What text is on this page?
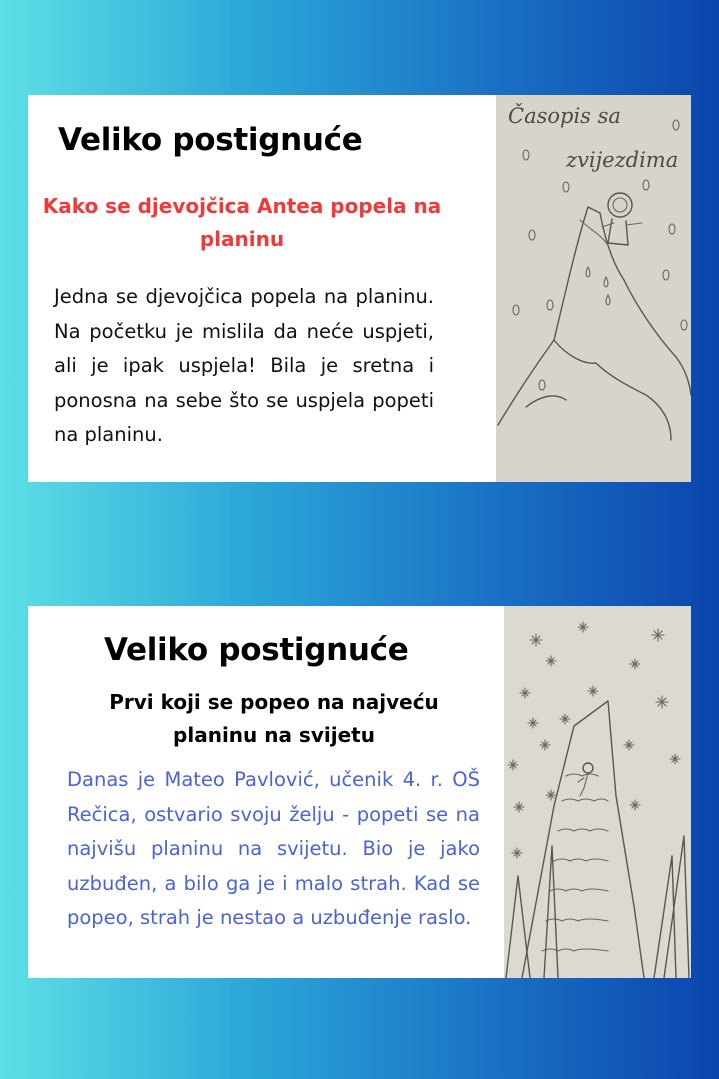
Veliko postignuće
Kako se djevojčica Antea popela na planinu

Jedna se djevojčica popela na planinu. Na početku je mislila da neće uspjeti, ali je ipak uspjela! Bila je sretna i ponosna na sebe što se uspjela popeti na planinu.

Časopis sa
zvijezdima
Veliko postignuće
Prvi koji se popeo na najveću planinu na svijetu

Danas je Mateo Pavlović, učenik 4. r. OŠ Rečica, ostvario svoju želju - popeti se na najvišu planinu na svijetu. Bio je jako uzbuđen, a bilo ga je i malo strah. Kad se popeo, strah je nestao a uzbuđenje raslo.
